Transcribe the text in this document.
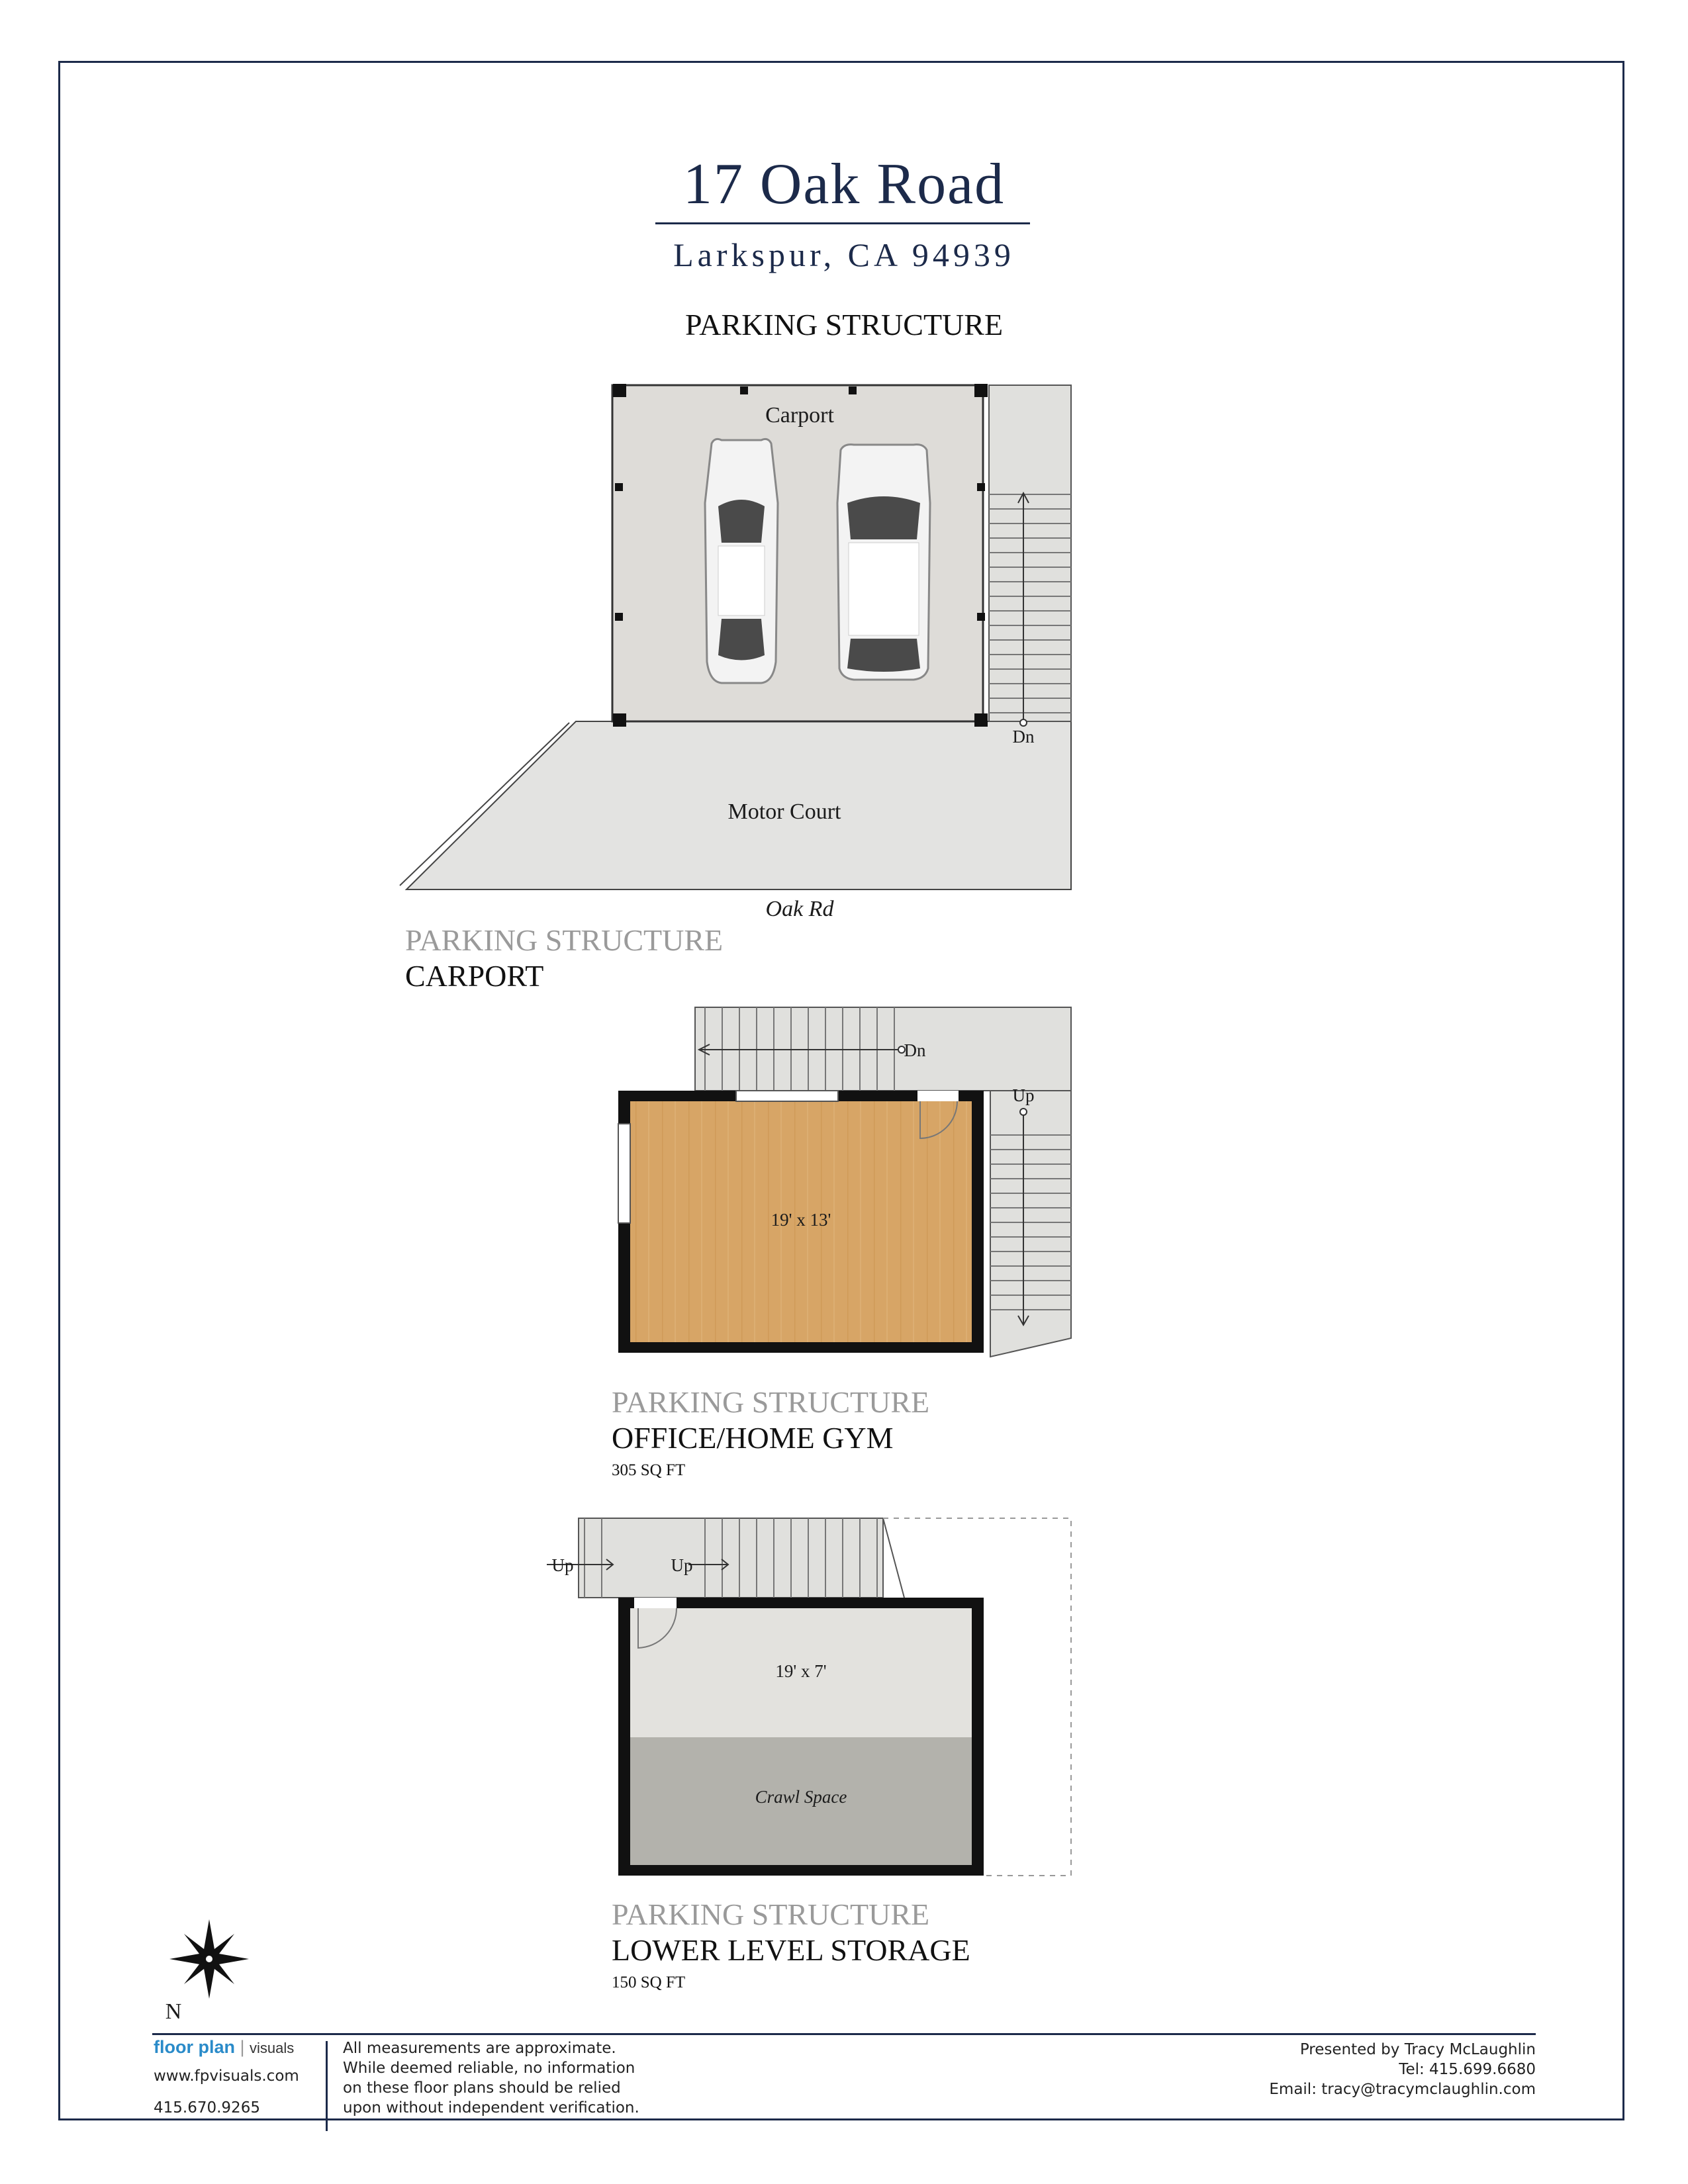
17 Oak Road
Larkspur, CA 94939
PARKING STRUCTURE
Motor Court
Carport
Dn
Oak Rd
Dn
Up
19' x 13'
Up	Up
19' x 7'
Crawl Space
N
PARKING STRUCTURE
CARPORT
PARKING STRUCTURE
OFFICE/HOME GYM
305 SQ FT
PARKING STRUCTURE
LOWER LEVEL STORAGE
150 SQ FT
floor plan | visuals
www.fpvisuals.com
415.670.9265
All measurements are approximate.
While deemed reliable, no information
on these floor plans should be relied
upon without independent verification.
Presented by Tracy McLaughlin
Tel: 415.699.6680
Email: tracy@tracymclaughlin.com
